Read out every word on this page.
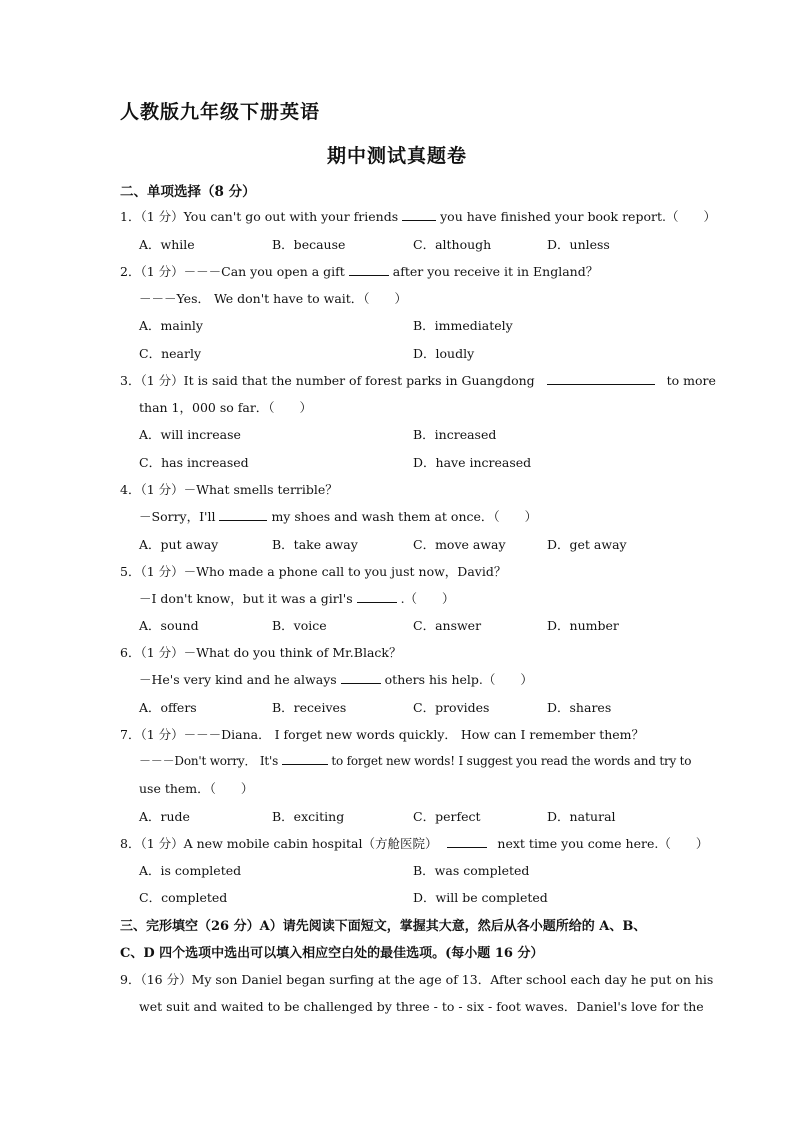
人教版九年级下册英语
期中测试真题卷
二、单项选择（8 分）
1．（1 分）You can't go out with your friends	you have finished your book report.（　　）
A．while	B．because	C．although	D．unless
2．（1 分）－－－Can you open a gift	after you receive it in England？
－－－Yes． We don't have to wait．（　　）
A．mainly	B．immediately
C．nearly	D．loudly
3．（1 分）It is said that the number of forest parks in Guangdong	to more
than 1，000 so far．（　　）
A．will increase	B．increased
C．has increased	D．have increased
4．（1 分）－What smells terrible？
－Sorry，I'll	my shoes and wash them at once．（　　）
A．put away	B．take away	C．move away	D．get away
5．（1 分）－Who made a phone call to you just now，David？
－I don't know，but it was a girl's	.（　　）
A．sound	B．voice	C．answer	D．number
6．（1 分）－What do you think of Mr.Black？
－He's very kind and he always	others his help.（　　）
A．offers	B．receives	C．provides	D．shares
7．（1 分）－－－Diana． I forget new words quickly． How can I remember them？
－－－Don't worry． It's	to forget new words! I suggest you read the words and try to
use them．（　　）
A．rude	B．exciting	C．perfect	D．natural
8．（1 分）A new mobile cabin hospital（方舱医院）	next time you come here.（　　）
A．is completed	B．was completed
C．completed	D．will be completed
三、完形填空（26 分）A）请先阅读下面短文，掌握其大意，然后从各小题所给的 A、B、
C、D 四个选项中选出可以填入相应空白处的最佳选项。(每小题 16 分）
9．（16 分）My son Daniel began surfing at the age of 13．After school each day he put on his
wet suit and waited to be challenged by three - to - six - foot waves．Daniel's love for the
